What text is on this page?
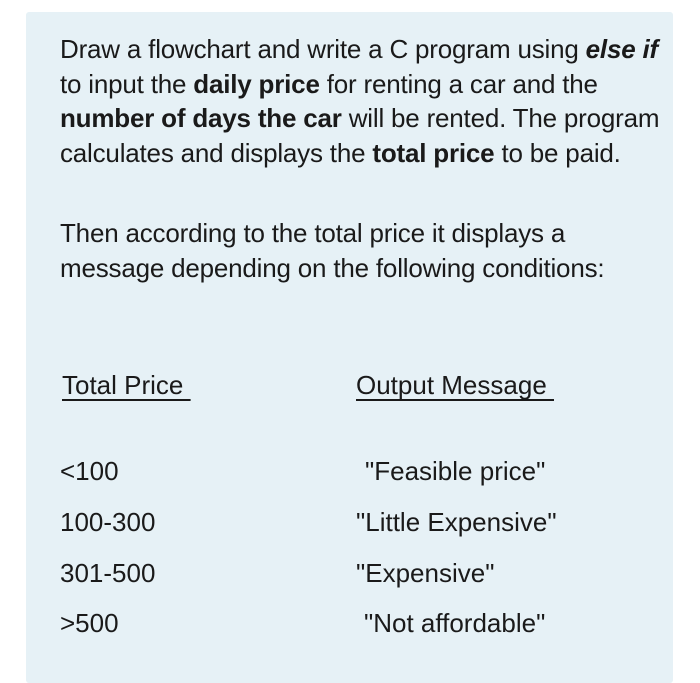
Draw a flowchart and write a C program using else if to input the daily price for renting a car and the number of days the car will be rented. The program calculates and displays the total price to be paid.

Then according to the total price it displays a message depending on the following conditions:

Total Price	Output Message
<100	"Feasible price"
100-300	"Little Expensive"
301-500	"Expensive"
>500	"Not affordable"
